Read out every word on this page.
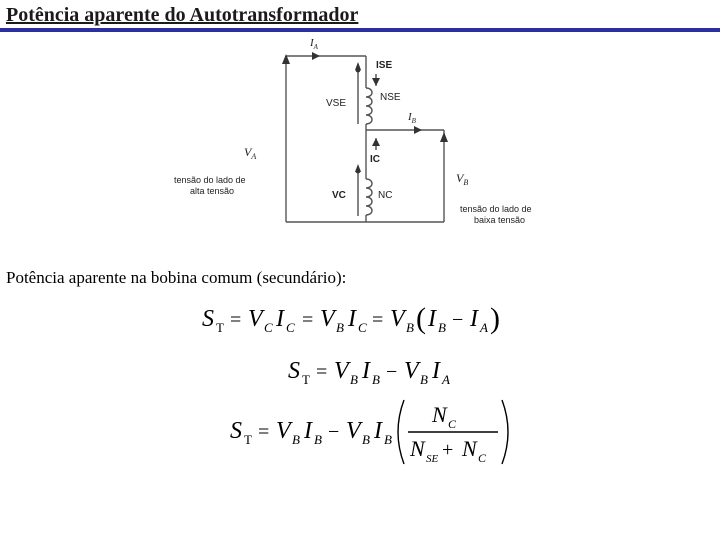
Potência aparente do Autotransformador
$I_A$
ISE
NSE
VSE
$I_B$
IC
$V_A$
$V_B$
VC	NC
tensão do lado de
alta tensão
tensão do lado de
baixa tensão
Potência aparente na bobina comum (secundário):
S T = V C I C = V B I C = V B ( I B − I A )
S T = V B I B − V B I A
S T = V B I B − V B I B
N C
N SE + N C
